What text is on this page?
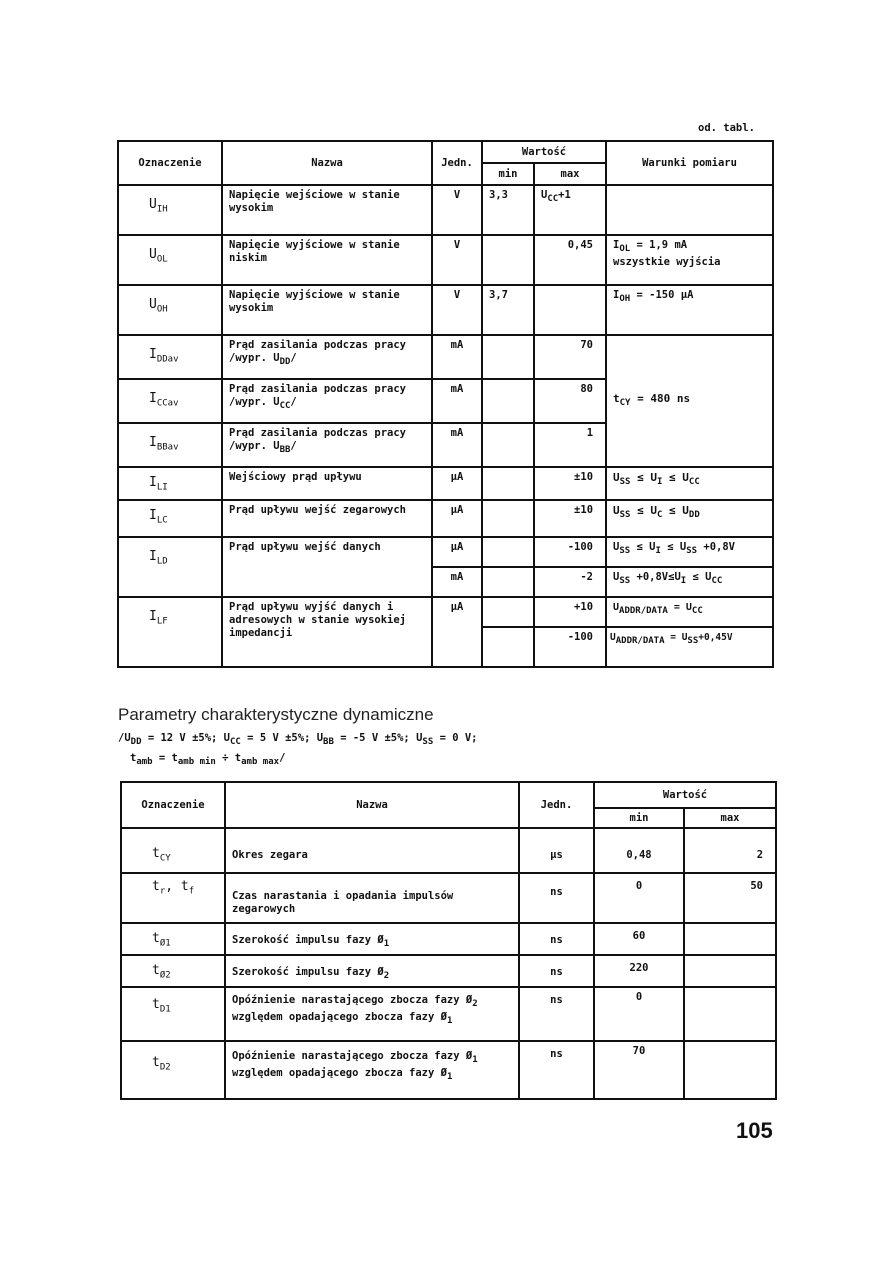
od. tabl.
Oznaczenie	Nazwa	Jedn.	Wartość		Warunki pomiaru
			min	max	
$U_{IH}$	Napięcie wejściowe w stanie wysokim	V	3,3	$U_{CC}+1$	
$U_{OL}$	Napięcie wyjściowe w stanie niskim	V		0,45	$I_{OL} = 1,9$ mA
wszystkie wyjścia
$U_{OH}$	Napięcie wyjściowe w stanie wysokim	V	3,7		$I_{OH} = -150$ µA
$I_{DDav}$	Prąd zasilania podczas pracy /wypr. $U_{DD}/$	mA		70	$t_{CY} = 480$ ns
$I_{CCav}$	Prąd zasilania podczas pracy /wypr. $U_{CC}/$	mA		80	
$I_{BBav}$	Prąd zasilania podczas pracy /wypr. $U_{BB}/$	mA		1	
$I_{LI}$	Wejściowy prąd upływu	µA		±10	$U_{SS} \le U_I \le U_{CC}$
$I_{LC}$	Prąd upływu wejść zegarowych	µA		±10	$U_{SS} \le U_C \le U_{DD}$
$I_{LD}$	Prąd upływu wejść danych	µA		-100	$U_{SS} \le U_I \le U_{SS} +0,8V$
		mA		-2	$U_{SS} +0,8V\le U_I \le U_{CC}$
$I_{LF}$	Prąd upływu wyjść danych i adresowych w stanie wysokiej impedancji	µA		+10	$U_{ADDR/DATA} = U_{CC}$
				-100	$U_{ADDR/DATA} = U_{SS}+0,45V$
Parametry charakterystyczne dynamiczne
$/U_{DD} = 12$ V ±5%; $U_{CC} = 5$ V ±5%; $U_{BB} = -5$ V ±5%; $U_{SS} = 0$ V;
$t_{amb} = t_{amb min} \div t_{amb max}/$
Oznaczenie	Nazwa	Jedn.	Wartość	
			min	max
$t_{CY}$	Okres zegara	µs	0,48	2
$t_r$, $t_f$	Czas narastania i opadania impulsów zegarowych	ns	0	50
$t_{Ø1}$	Szerokość impulsu fazy $Ø_1$	ns	60	
$t_{Ø2}$	Szerokość impulsu fazy $Ø_2$	ns	220	
$t_{D1}$	Opóźnienie narastającego zbocza fazy $Ø_2$ względem opadającego zbocza fazy $Ø_1$	ns	0	
$t_{D2}$	Opóźnienie narastającego zbocza fazy $Ø_1$ względem opadającego zbocza fazy $Ø_1$	ns	70	
105
